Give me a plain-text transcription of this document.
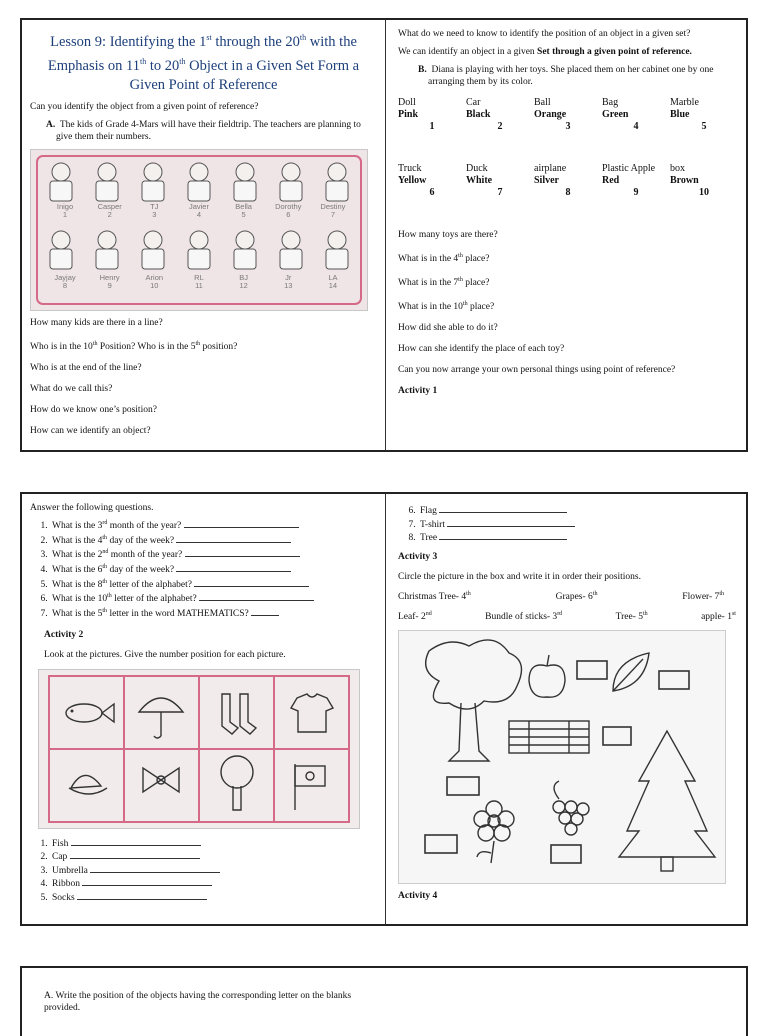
Lesson 9: Identifying the 1st through the 20th with the Emphasis on 11th to 20th Object in a Given Set Form a Given Point of Reference

Can you identify the object from a given point of reference?

A. The kids of Grade 4-Mars will have their fieldtrip. The teachers are planning to give them their numbers.

Inigo
1
Casper
2
TJ
3
Javier
4
Bella
5
Dorothy
6
Destiny
7
Jayjay
8
Henry
9
Arion
10
RL
11
BJ
12
Jr
13
LA
14

How many kids are there in a line?

Who is in the 10th Position? Who is in the 5th position?

Who is at the end of the line?

What do we call this?

How do we know one’s position?

How can we identify an object?

What do we need to know to identify the position of an object in a given set?

We can identify an object in a given Set through a given point of reference.

B. Diana is playing with her toys. She placed them on her cabinet one by one arranging them by its color.

Doll	Car	Ball	Bag	Marble
Pink	Black	Orange	Green	Blue
1	2	3	4	5
Truck	Duck	airplane	Plastic Apple	box
Yellow	White	Silver	Red	Brown
6	7	8	9	10

How many toys are there?

What is in the 4th place?

What is in the 7th place?

What is in the 10th place?

How did she able to do it?

How can she identify the place of each toy?

Can you now arrange your own personal things using point of reference?

Activity 1

Answer the following questions.

1. What is the 3rd month of the year?
2. What is the 4th day of the week?
3. What is the 2nd month of the year?
4. What is the 6th day of the week?
5. What is the 8th letter of the alphabet?
6. What is the 10th letter of the alphabet?
7. What is the 5th letter in the word MATHEMATICS?

Activity 2

Look at the pictures. Give the number position for each picture.

1. Fish
2. Cap
3. Umbrella
4. Ribbon
5. Socks
6. Flag
7. T-shirt
8. Tree

Activity 3

Circle the picture in the box and write it in order their positions.

Christmas Tree- 4th	Grapes- 6th	Flower- 7th
Leaf- 2nd	Bundle of sticks- 3rd	Tree- 5th	apple- 1st

Activity 4

A. Write the position of the objects having the corresponding letter on the blanks provided.
